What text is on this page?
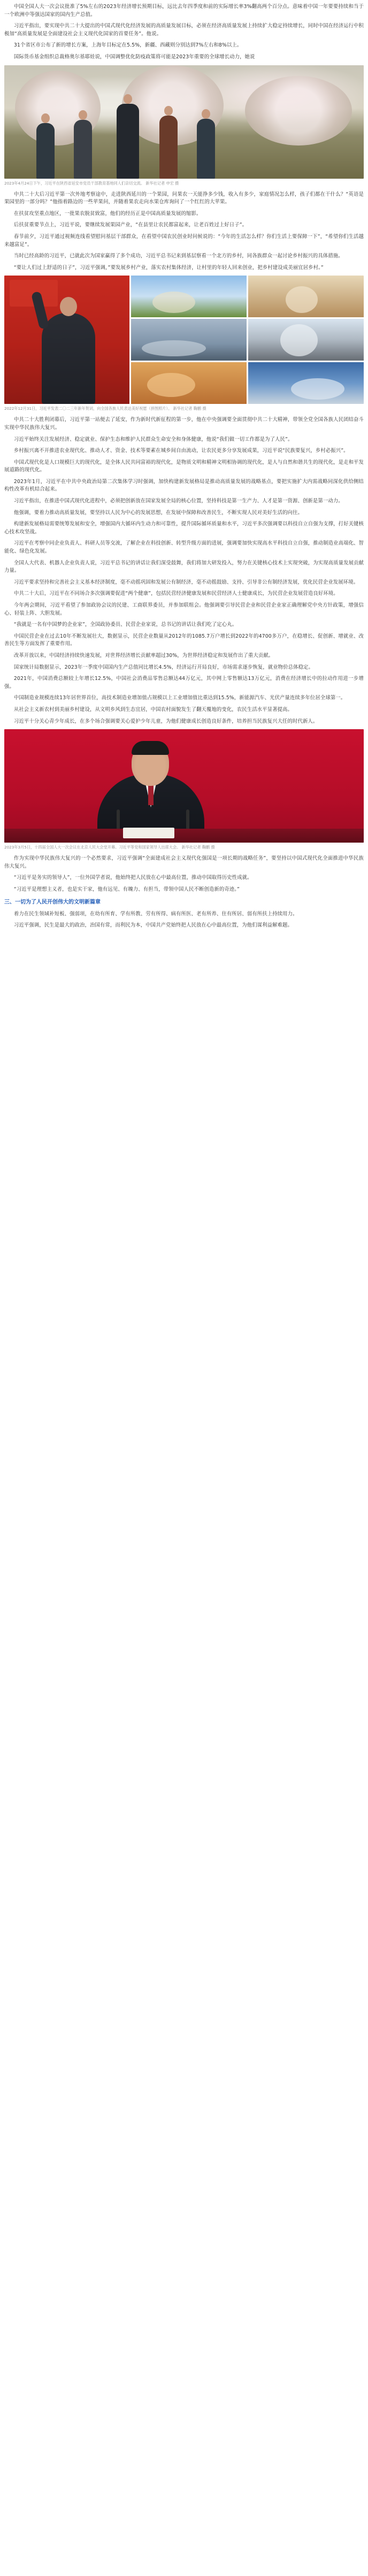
中国全国人大一次会议批准了5%左右的2023年经济增长预期目标，远比去年四季度和前的实际增长率3%翻高两个百分点。意味着中国一年要要持续和当于一个欧洲中等强达国家的国内生产总值。

习近平指出，要实现中共二十大提出的中国式现代化经济发展的高质量发展目标，必须在经济高质量发展上持续扩大稳定持续增长，同时中国在经济运行中积极加“高质量发展是全面建设社会主义现代化国家的首要任务”。他说。

31个省区市公布了新的增长方案，上海年目标定在5.5%，新疆、西藏则分别达到7%左右和8%以上。

国际货币基金组织总裁格奥尔基耶娃说，中国调整优化防疫政策将可能是2023年重要的全球增长动力，她说

2023年4月24日下午，习近平在陕西省延安市党员干部教育基地同人们亲切交流。 新华社记者 申宏 摄

中共二十大后习近平第一次外地考察途中，走进陕西延川的一个果园，问果农一天能挣多少钱，收入有多少，家庭情况怎么样，孩子们都在干什么？“英语是果园里的一部分吗？”他指着路边的一些苹果问，并随着果农走向水果仓库询问了一个红红的大苹果。

在扶贫攻坚重点地区，一批果农脱贫致富，他们的经历正是中国高质量发展的缩影。

后扶贫重要节点上，习近平说，要继续发展果园产业，“在县里让农民都富起来，让老百姓过上好日子”。

春节前夕，习近平通过视频连线看望慰问基层干部群众，在看望中国农民创业时问候说的：“今年的生活怎么样？你们生活上要保障一下”，“希望你们生活越来越富足”。

当时已经高龄的习近平，已就此次为国家赢得了多个成功，习近平总书记来到基层察看一个北方的乡村，同各族群众一起讨论乡村振兴的具体措施。

“要让人们过上舒适的日子”，习近平强调，”要发展乡村产业，落实农村集体经济，让村里的年轻人回来创业，把乡村建设成美丽宜居乡村。”

2022年12月31日，习近平发表二〇二三年新年贺词，向全国各族人民表达美好祝愿（拼图照片）。 新华社记者 鞠鹏 摄

中共二十大胜利闭幕后，习近平第一站便去了延安，作为新时代新征程的第一步，他在中央强调要全面贯彻中共二十大精神，带领全党全国各族人民团结奋斗实现中华民族伟大复兴。

习近平始终关注发展经济、稳定就业、保护生态和维护人民群众生命安全和身体健康，他说“我们做一切工作都是为了人民”。

乡村振兴离不开推进农业现代化、推动人才、资金、技术等要素在城乡间自由流动，让农民更多分享发展成果，习近平说“民族要复兴，乡村必振兴”。

中国式现代化是人口规模巨大的现代化，是全体人民共同富裕的现代化，是物质文明和精神文明相协调的现代化，是人与自然和谐共生的现代化，是走和平发展道路的现代化。

2023年1月，习近平在中共中央政治局第二次集体学习时强调，加快构建新发展格局是推动高质量发展的战略基点，要把实施扩大内需战略同深化供给侧结构性改革有机结合起来。

习近平指出，在推进中国式现代化进程中，必须把创新放在国家发展全局的核心位置，坚持科技是第一生产力、人才是第一资源、创新是第一动力。

他强调，要着力推动高质量发展，要坚持以人民为中心的发展思想，在发展中保障和改善民生，不断实现人民对美好生活的向往。

构建新发展格局需要统筹发展和安全，增强国内大循环内生动力和可靠性，提升国际循环质量和水平，习近平多次强调要以科技自立自强为支撑，打好关键核心技术攻坚战。

习近平在考察中同企业负责人、科研人员等交流，了解企业在科技创新、转型升级方面的进展，强调要加快实现高水平科技自立自强，推动制造业高端化、智能化、绿色化发展。

全国人大代表、机器人企业负责人说，习近平总书记的讲话让我们深受鼓舞，我们将加大研发投入，努力在关键核心技术上实现突破，为实现高质量发展贡献力量。

习近平要求坚持和完善社会主义基本经济制度，毫不动摇巩固和发展公有制经济，毫不动摇鼓励、支持、引导非公有制经济发展，优化民营企业发展环境。

中共二十大后，习近平在不同场合多次强调要促进“两个健康”，包括民营经济健康发展和民营经济人士健康成长，为民营企业发展营造良好环境。

今年两会期间，习近平看望了参加政协会议的民建、工商联界委员，并参加联组会。他强调要引导民营企业和民营企业家正确理解党中央方针政策，增强信心、轻装上阵、大胆发展。

“我就是一名有中国梦的企业家”，全国政协委员、民营企业家说，总书记的讲话让我们吃了定心丸。

中国民营企业在过去10年不断发展壮大，数据显示，民营企业数量从2012年的1085.7万户增长到2022年的4700多万户，在稳增长、促创新、增就业、改善民生等方面发挥了重要作用。

改革开放以来，中国经济持续快速发展，对世界经济增长贡献率超过30%，为世界经济稳定和发展作出了重大贡献。

国家统计局数据显示，2023年一季度中国国内生产总值同比增长4.5%，经济运行开局良好，市场需求逐步恢复，就业物价总体稳定。

2021年，中国消费总额较上年增长12.5%，中国社会消费品零售总额达44万亿元，其中网上零售额达13万亿元，消费在经济增长中的拉动作用进一步增强。

中国制造业规模连续13年居世界首位，高技术制造业增加值占规模以上工业增加值比重达到15.5%，新能源汽车、光伏产量连续多年位居全球第一。

从社会主义新农村到美丽乡村建设，从文明乡风到生态宜居，中国农村面貌发生了翻天覆地的变化，农民生活水平显著提高。

习近平十分关心青少年成长，在多个场合强调要关心爱护少年儿童，为他们健康成长创造良好条件，培养担当民族复兴大任的时代新人。

2023年3月5日，十四届全国人大一次会议在北京人民大会堂开幕。习近平等党和国家领导人出席大会。 新华社记者 鞠鹏 摄

作为实现中华民族伟大复兴的一个必然要求，习近平强调“全面建成社会主义现代化强国是一项长期的战略任务”，要坚持以中国式现代化全面推进中华民族伟大复兴。

“习近平是务实的领导人”，一位外国学者说，他始终把人民放在心中最高位置，推动中国取得历史性成就。

“习近平是理想主义者，也是实干家，他有远见、有魄力、有担当，带领中国人民不断创造新的奇迹。”

三、一切为了人民开创伟大的文明新篇章

着力在民生领域补短板、强弱项，在幼有所育、学有所教、劳有所得、病有所医、老有所养、住有所居、弱有所扶上持续用力。

习近平强调，民生是最大的政治，治国有常，而利民为本，中国共产党始终把人民放在心中最高位置，为他们谋利益解难题。
